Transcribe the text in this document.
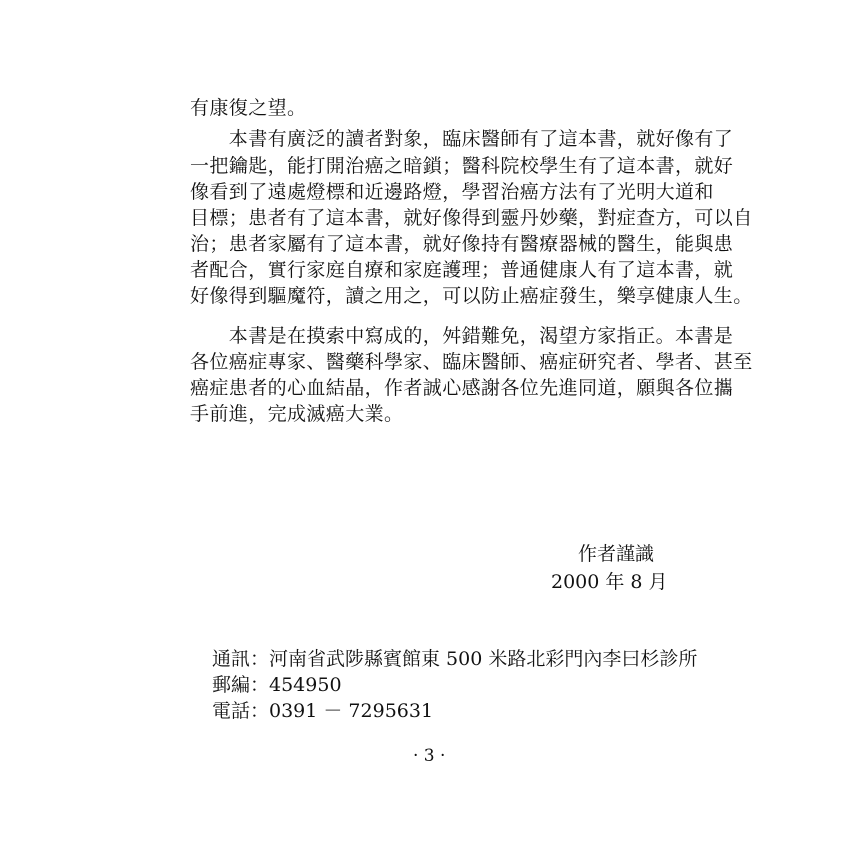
有康復之望。
　　本書有廣泛的讀者對象，臨床醫師有了這本書，就好像有了
一把鑰匙，能打開治癌之暗鎖；醫科院校學生有了這本書，就好
像看到了遠處燈標和近邊路燈，學習治癌方法有了光明大道和
目標；患者有了這本書，就好像得到靈丹妙藥，對症查方，可以自
治；患者家屬有了這本書，就好像持有醫療器械的醫生，能與患
者配合，實行家庭自療和家庭護理；普通健康人有了這本書，就
好像得到驅魔符，讀之用之，可以防止癌症發生，樂享健康人生。
　　本書是在摸索中寫成的，舛錯難免，渴望方家指正。本書是
各位癌症專家、醫藥科學家、臨床醫師、癌症研究者、學者、甚至
癌症患者的心血結晶，作者誠心感謝各位先進同道，願與各位攜
手前進，完成滅癌大業。
作者謹識
2000 年 8 月
通訊：河南省武陟縣賓館東 500 米路北彩門內李曰杉診所
郵編：454950
電話：0391 － 7295631
· 3 ·
